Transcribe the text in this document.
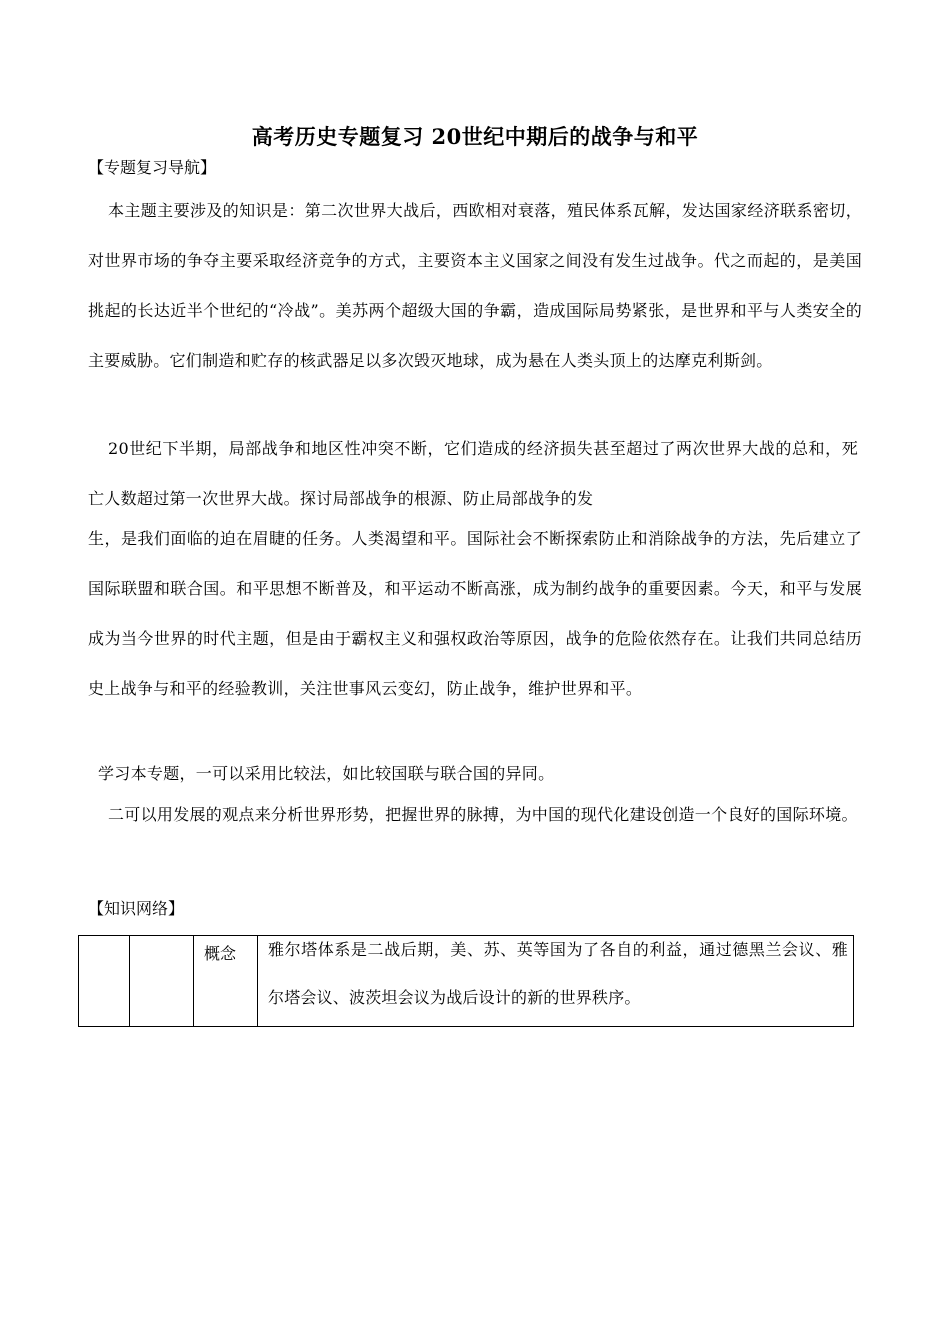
高考历史专题复习 20世纪中期后的战争与和平
【专题复习导航】
本主题主要涉及的知识是：第二次世界大战后，西欧相对衰落，殖民体系瓦解，发达国家经济联系密切，对世界市场的争夺主要采取经济竞争的方式，主要资本主义国家之间没有发生过战争。代之而起的，是美国挑起的长达近半个世纪的“冷战”。美苏两个超级大国的争霸，造成国际局势紧张，是世界和平与人类安全的主要威胁。它们制造和贮存的核武器足以多次毁灭地球，成为悬在人类头顶上的达摩克利斯剑。
20世纪下半期，局部战争和地区性冲突不断，它们造成的经济损失甚至超过了两次世界大战的总和，死亡人数超过第一次世界大战。探讨局部战争的根源、防止局部战争的发
生，是我们面临的迫在眉睫的任务。人类渴望和平。国际社会不断探索防止和消除战争的方法，先后建立了国际联盟和联合国。和平思想不断普及，和平运动不断高涨，成为制约战争的重要因素。今天，和平与发展成为当今世界的时代主题，但是由于霸权主义和强权政治等原因，战争的危险依然存在。让我们共同总结历史上战争与和平的经验教训，关注世事风云变幻，防止战争，维护世界和平。
学习本专题，一可以采用比较法，如比较国联与联合国的异同。
二可以用发展的观点来分析世界形势，把握世界的脉搏，为中国的现代化建设创造一个良好的国际环境。
【知识网络】
概念 雅尔塔体系是二战后期，美、苏、英等国为了各自的利益，通过德黑兰会议、雅尔塔会议、波茨坦会议为战后设计的新的世界秩序。
